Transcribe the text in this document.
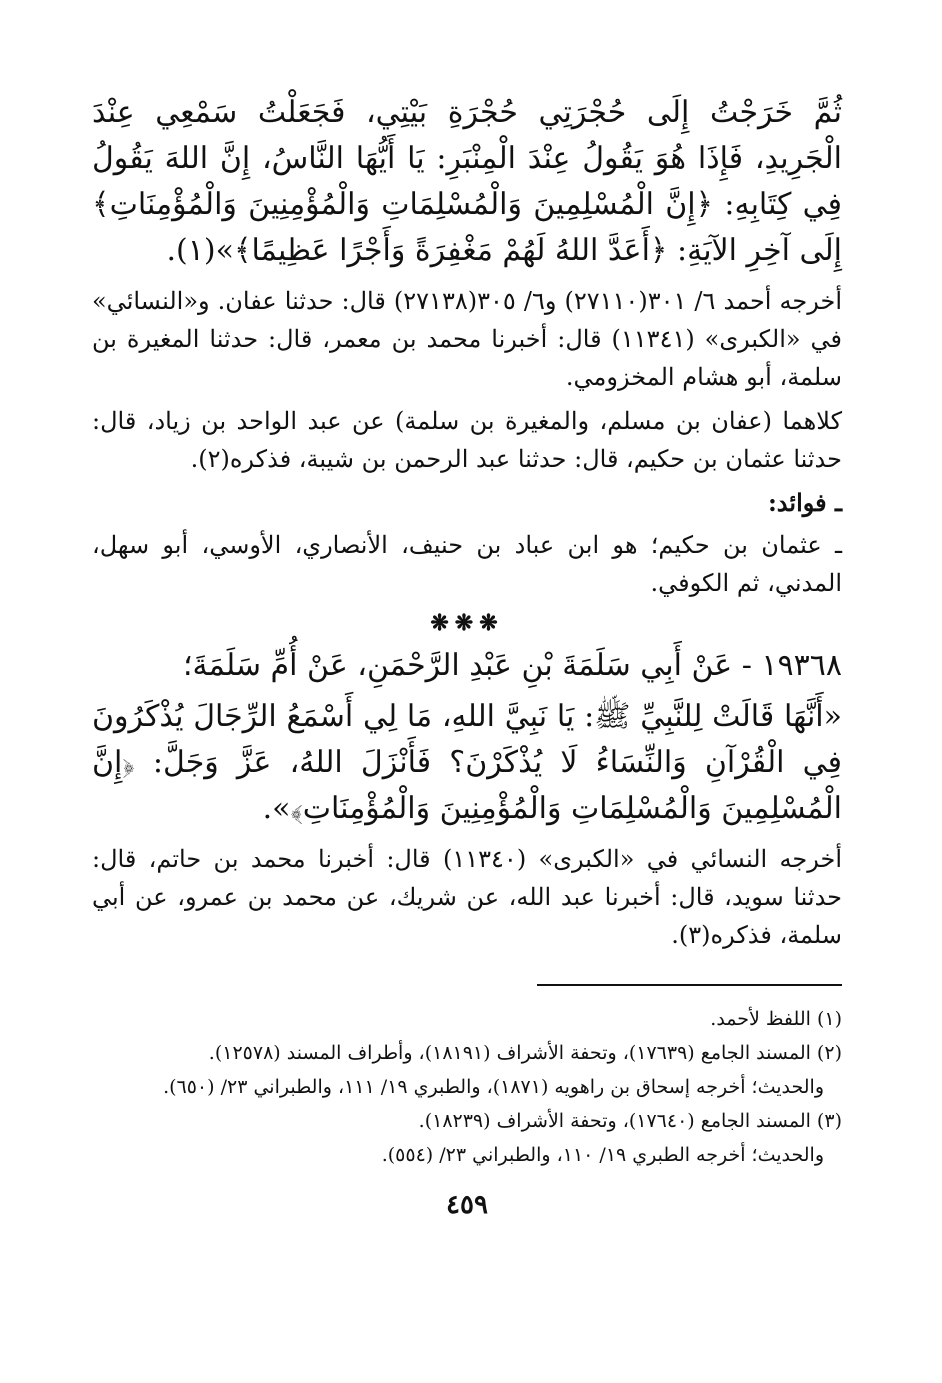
ثُمَّ خَرَجْتُ إِلَى حُجْرَتِي حُجْرَةِ بَيْتِي، فَجَعَلْتُ سَمْعِي عِنْدَ الْجَرِيدِ، فَإِذَا هُوَ يَقُولُ عِنْدَ الْمِنْبَرِ: يَا أَيُّهَا النَّاسُ، إِنَّ اللهَ يَقُولُ فِي كِتَابِهِ: ﴿إِنَّ الْمُسْلِمِينَ وَالْمُسْلِمَاتِ وَالْمُؤْمِنِينَ وَالْمُؤْمِنَاتِ﴾ إِلَى آخِرِ الآيَةِ: ﴿أَعَدَّ اللهُ لَهُمْ مَغْفِرَةً وَأَجْرًا عَظِيمًا﴾»(١).

أخرجه أحمد ٦/ ٣٠١(٢٧١١٠) و٦/ ٣٠٥(٢٧١٣٨) قال: حدثنا عفان. و«النسائي» في «الكبرى» (١١٣٤١) قال: أخبرنا محمد بن معمر، قال: حدثنا المغيرة بن سلمة، أبو هشام المخزومي.

كلاهما (عفان بن مسلم، والمغيرة بن سلمة) عن عبد الواحد بن زياد، قال: حدثنا عثمان بن حكيم، قال: حدثنا عبد الرحمن بن شيبة، فذكره(٢).

ـ فوائد:

ـ عثمان بن حكيم؛ هو ابن عباد بن حنيف، الأنصاري، الأوسي، أبو سهل، المدني، ثم الكوفي.

❋❋❋

١٩٣٦٨ - عَنْ أَبِي سَلَمَةَ بْنِ عَبْدِ الرَّحْمَنِ، عَنْ أُمِّ سَلَمَةَ؛

«أَنَّهَا قَالَتْ لِلنَّبِيِّ ﷺ: يَا نَبِيَّ اللهِ، مَا لِي أَسْمَعُ الرِّجَالَ يُذْكَرُونَ فِي الْقُرْآنِ وَالنِّسَاءُ لَا يُذْكَرْنَ؟ فَأَنْزَلَ اللهُ، عَزَّ وَجَلَّ: ﴿إِنَّ الْمُسْلِمِينَ وَالْمُسْلِمَاتِ وَالْمُؤْمِنِينَ وَالْمُؤْمِنَاتِ﴾».

أخرجه النسائي في «الكبرى» (١١٣٤٠) قال: أخبرنا محمد بن حاتم، قال: حدثنا سويد، قال: أخبرنا عبد الله، عن شريك، عن محمد بن عمرو، عن أبي سلمة، فذكره(٣).

(١) اللفظ لأحمد.

(٢) المسند الجامع (١٧٦٣٩)، وتحفة الأشراف (١٨١٩١)، وأطراف المسند (١٢٥٧٨).

والحديث؛ أخرجه إسحاق بن راهويه (١٨٧١)، والطبري ١٩/ ١١١، والطبراني ٢٣/ (٦٥٠).

(٣) المسند الجامع (١٧٦٤٠)، وتحفة الأشراف (١٨٢٣٩).

والحديث؛ أخرجه الطبري ١٩/ ١١٠، والطبراني ٢٣/ (٥٥٤).

٤٥٩
